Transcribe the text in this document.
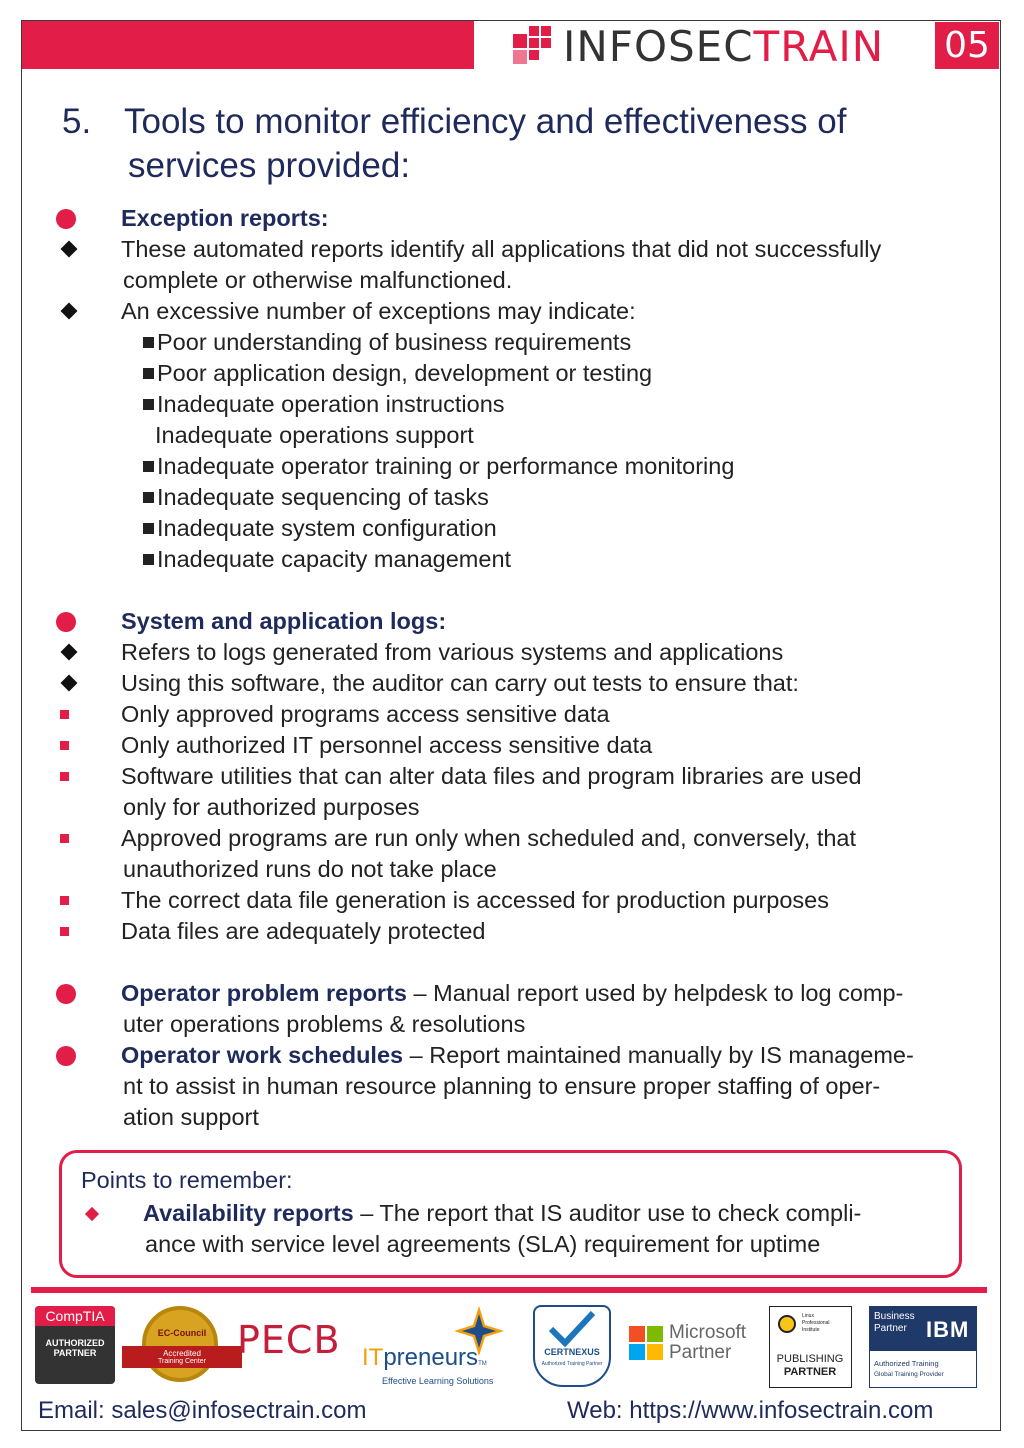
INFOSECTRAIN 05
5. Tools to monitor efficiency and effectiveness of
services provided:
Exception reports:
These automated reports identify all applications that did not successfully
complete or otherwise malfunctioned.
An excessive number of exceptions may indicate:
Poor understanding of business requirements
Poor application design, development or testing
Inadequate operation instructions
Inadequate operations support
Inadequate operator training or performance monitoring
Inadequate sequencing of tasks
Inadequate system configuration
Inadequate capacity management
System and application logs:
Refers to logs generated from various systems and applications
Using this software, the auditor can carry out tests to ensure that:
Only approved programs access sensitive data
Only authorized IT personnel access sensitive data
Software utilities that can alter data files and program libraries are used
only for authorized purposes
Approved programs are run only when scheduled and, conversely, that
unauthorized runs do not take place
The correct data file generation is accessed for production purposes
Data files are adequately protected
Operator problem reports – Manual report used by helpdesk to log comp-
uter operations problems & resolutions
Operator work schedules – Report maintained manually by IS manageme-
nt to assist in human resource planning to ensure proper staffing of oper-
ation support
Points to remember:
Availability reports – The report that IS auditor use to check compli-
ance with service level agreements (SLA) requirement for uptime
CompTIA
AUTHORIZED
PARTNER
EC-Council
Accredited
Training Center PECB ITpreneursTM
Effective Learning Solutions
CERTNEXUS
Authorized Training Partner
Microsoft
Partner
Linux
Professional
Institute
PUBLISHING
PARTNER
Business
Partner IBM
Authorized Training
Global Training Provider
Email: sales@infosectrain.com	Web: https://www.infosectrain.com
